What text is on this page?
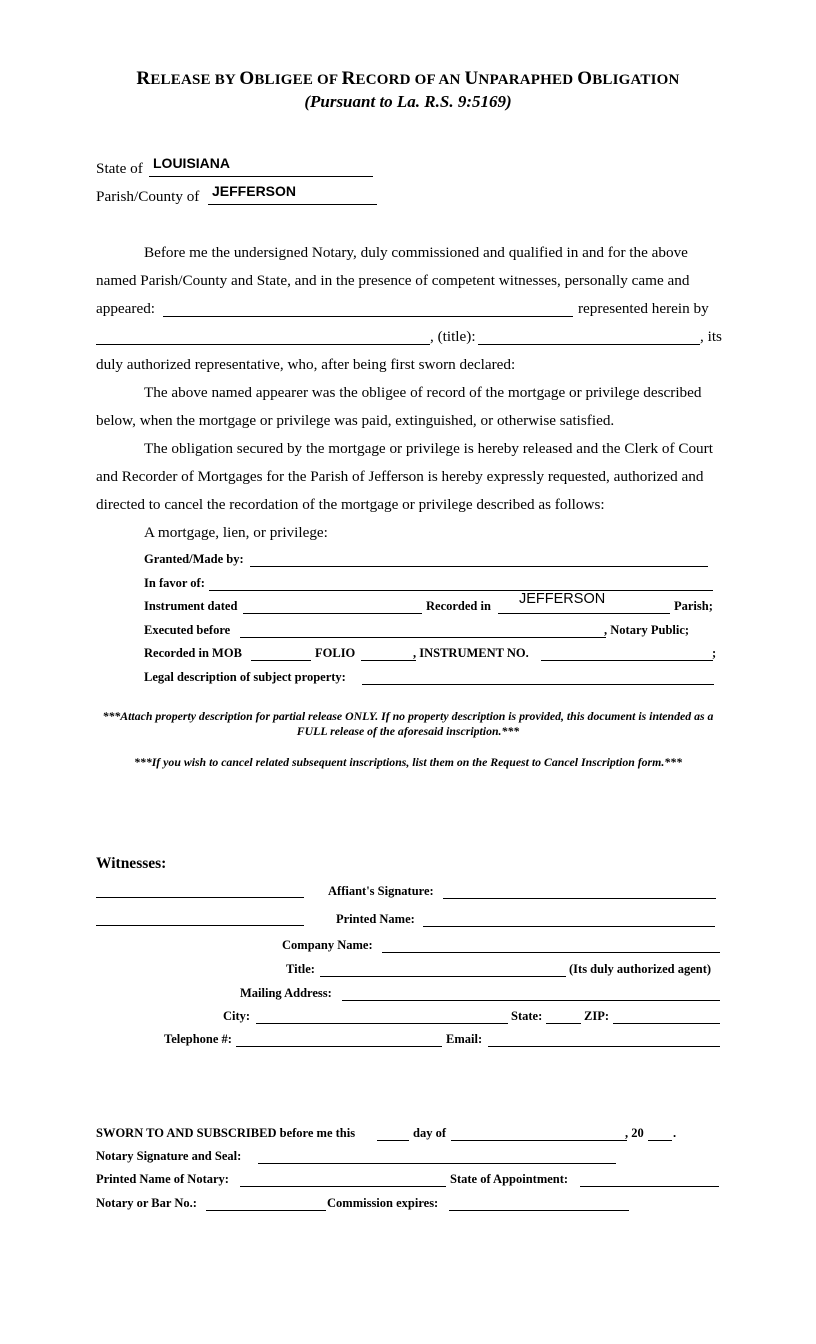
RELEASE BY OBLIGEE OF RECORD OF AN UNPARAPHED OBLIGATION
(Pursuant to La. R.S. 9:5169)
State of LOUISIANA
Parish/County of JEFFERSON
Before me the undersigned Notary, duly commissioned and qualified in and for the above
named Parish/County and State, and in the presence of competent witnesses, personally came and
appeared:	represented herein by
, (title):	, its
duly authorized representative, who, after being first sworn declared:
The above named appearer was the obligee of record of the mortgage or privilege described
below, when the mortgage or privilege was paid, extinguished, or otherwise satisfied.
The obligation secured by the mortgage or privilege is hereby released and the Clerk of Court
and Recorder of Mortgages for the Parish of Jefferson is hereby expressly requested, authorized and
directed to cancel the recordation of the mortgage or privilege described as follows:
A mortgage, lien, or privilege:
Granted/Made by:
In favor of:
Instrument dated	Recorded in JEFFERSON	Parish;
Executed before	, Notary Public;
Recorded in MOB	FOLIO	, INSTRUMENT NO.	;
Legal description of subject property:
***Attach property description for partial release ONLY. If no property description is provided, this document is intended as a FULL release of the aforesaid inscription.***
***If you wish to cancel related subsequent inscriptions, list them on the Request to Cancel Inscription form.***
Witnesses:
Affiant's Signature:
Printed Name:
Company Name:
Title:	(Its duly authorized agent)
Mailing Address:
City:	State:	ZIP:
Telephone #:	Email:
SWORN TO AND SUBSCRIBED before me this	day of	, 20 .
Notary Signature and Seal:
Printed Name of Notary:	State of Appointment:
Notary or Bar No.:	Commission expires:
